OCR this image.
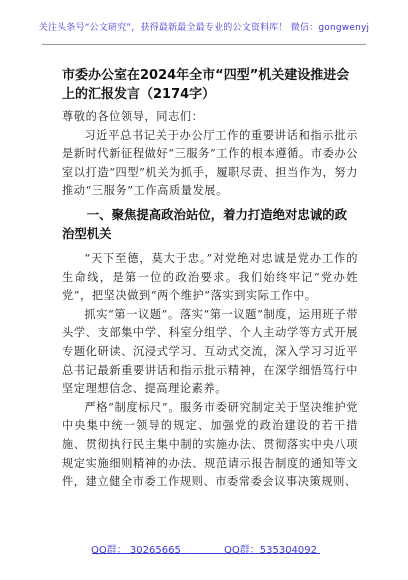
关注头条号“公文研究”，获得最新最全最专业的公文资料库！ 微信：gongwenyj
市委办公室在2024年全市“四型”机关建设推进会上的汇报发言（2174字）

尊敬的各位领导，同志们：

习近平总书记关于办公厅工作的重要讲话和指示批示是新时代新征程做好“三服务”工作的根本遵循。市委办公室以打造“四型”机关为抓手，履职尽责、担当作为，努力推动“三服务”工作高质量发展。

一、聚焦提高政治站位，着力打造绝对忠诚的政治型机关

“天下至德，莫大于忠。”对党绝对忠诚是党办工作的生命线，是第一位的政治要求。我们始终牢记“党办姓党”，把坚决做到“两个维护”落实到实际工作中。

抓实“第一议题”。落实“第一议题”制度，运用班子带头学、支部集中学、科室分组学、个人主动学等方式开展专题化研读、沉浸式学习、互动式交流，深入学习习近平总书记最新重要讲话和指示批示精神，在深学细悟笃行中坚定理想信念、提高理论素养。

严格“制度标尺”。服务市委研究制定关于坚决维护党中央集中统一领导的规定、加强党的政治建设的若干措施、贯彻执行民主集中制的实施办法、贯彻落实中央八项规定实施细则精神的办法、规范请示报告制度的通知等文件，建立健全市委工作规则、市委常委会议事决策规则、

QQ群： 30265665	QQ群：535304092
